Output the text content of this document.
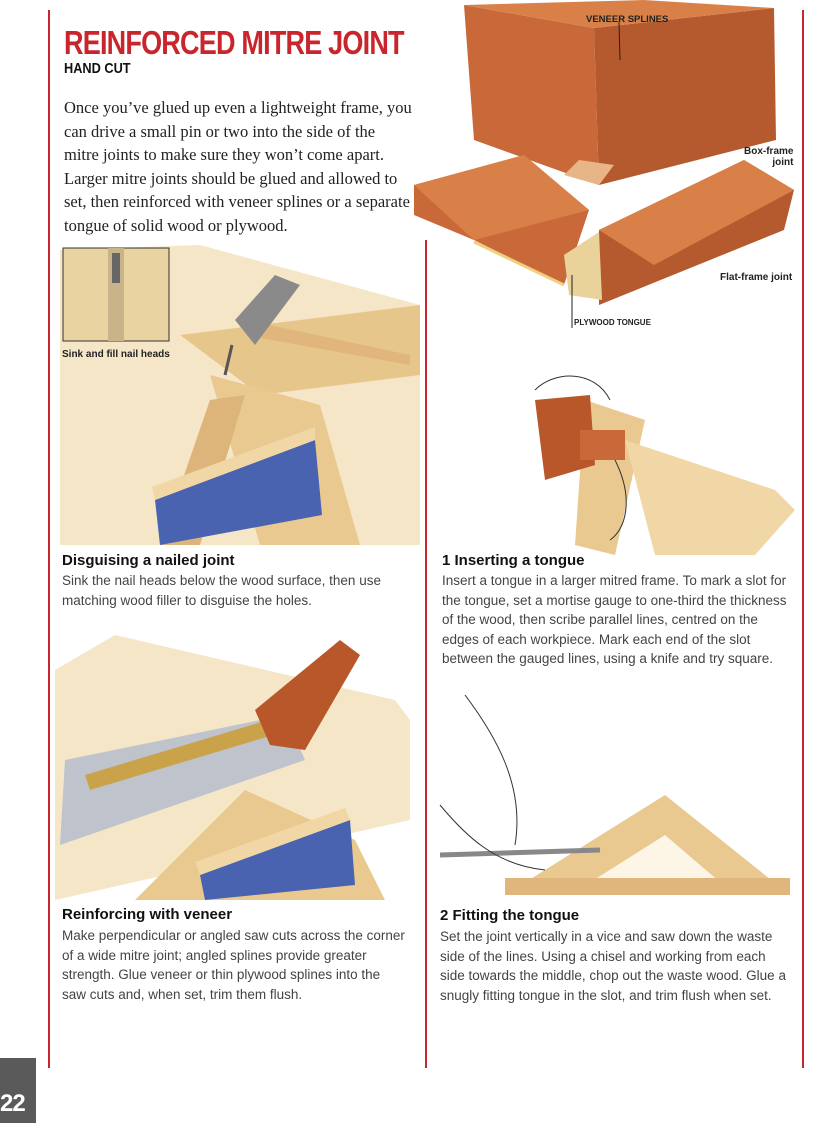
REINFORCED MITRE JOINT
HAND CUT
Once you’ve glued up even a lightweight frame, you can drive a small pin or two into the side of the mitre joints to make sure they won’t come apart. Larger mitre joints should be glued and allowed to set, then reinforced with veneer splines or a separate tongue of solid wood or plywood.
VENEER SPLINES
Box-frame
joint
Flat-frame joint
PLYWOOD TONGUE
Sink and fill nail heads
Disguising a nailed joint
Sink the nail heads below the wood surface, then use matching wood filler to disguise the holes.
Reinforcing with veneer
Make perpendicular or angled saw cuts across the corner of a wide mitre joint; angled splines provide greater strength. Glue veneer or thin plywood splines into the saw cuts and, when set, trim them flush.
1 Inserting a tongue
Insert a tongue in a larger mitred frame. To mark a slot for the tongue, set a mortise gauge to one-third the thickness of the wood, then scribe parallel lines, centred on the edges of each workpiece. Mark each end of the slot between the gauged lines, using a knife and try square.
2 Fitting the tongue
Set the joint vertically in a vice and saw down the waste side of the lines. Using a chisel and working from each side towards the middle, chop out the waste wood. Glue a snugly fitting tongue in the slot, and trim flush when set.
22
